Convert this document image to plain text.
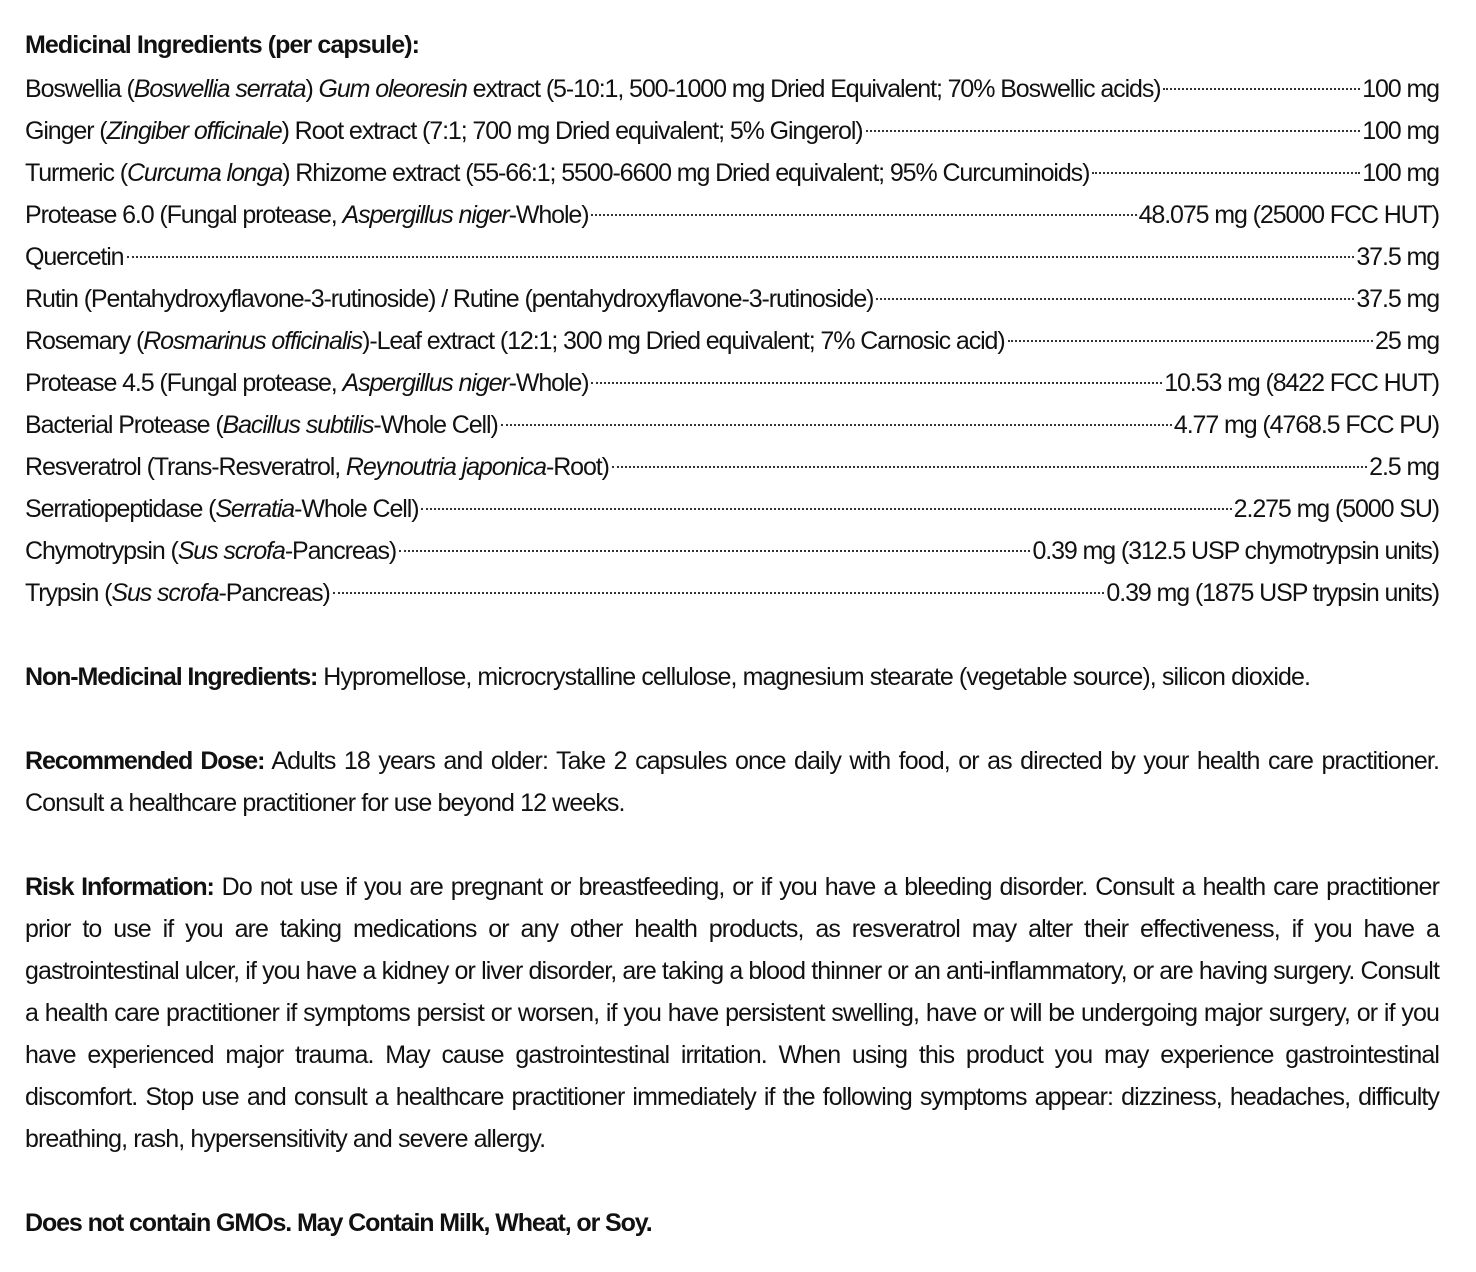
Medicinal Ingredients (per capsule):
Boswellia (Boswellia serrata) Gum oleoresin extract (5-10:1, 500-1000 mg Dried Equivalent; 70% Boswellic acids)	100 mg
Ginger (Zingiber officinale) Root extract (7:1; 700 mg Dried equivalent; 5% Gingerol)	100 mg
Turmeric (Curcuma longa) Rhizome extract (55-66:1; 5500-6600 mg Dried equivalent; 95% Curcuminoids)	100 mg
Protease 6.0 (Fungal protease, Aspergillus niger-Whole)	48.075 mg (25000 FCC HUT)
Quercetin	37.5 mg
Rutin (Pentahydroxyflavone-3-rutinoside) / Rutine (pentahydroxyflavone-3-rutinoside)	37.5 mg
Rosemary (Rosmarinus officinalis)-Leaf extract (12:1; 300 mg Dried equivalent; 7% Carnosic acid)	25 mg
Protease 4.5 (Fungal protease, Aspergillus niger-Whole)	10.53 mg (8422 FCC HUT)
Bacterial Protease (Bacillus subtilis-Whole Cell)	4.77 mg (4768.5 FCC PU)
Resveratrol (Trans-Resveratrol, Reynoutria japonica-Root)	2.5 mg
Serratiopeptidase (Serratia-Whole Cell)	2.275 mg (5000 SU)
Chymotrypsin (Sus scrofa-Pancreas)	0.39 mg (312.5 USP chymotrypsin units)
Trypsin (Sus scrofa-Pancreas)	0.39 mg (1875 USP trypsin units)

Non-Medicinal Ingredients: Hypromellose, microcrystalline cellulose, magnesium stearate (vegetable source), silicon dioxide.

Recommended Dose: Adults 18 years and older: Take 2 capsules once daily with food, or as directed by your health care practitioner. Consult a healthcare practitioner for use beyond 12 weeks.

Risk Information: Do not use if you are pregnant or breastfeeding, or if you have a bleeding disorder. Consult a health care practitioner prior to use if you are taking medications or any other health products, as resveratrol may alter their effectiveness, if you have a gastrointestinal ulcer, if you have a kidney or liver disorder, are taking a blood thinner or an anti-inflammatory, or are having surgery. Consult a health care practitioner if symptoms persist or worsen, if you have persistent swelling, have or will be undergoing major surgery, or if you have experienced major trauma. May cause gastrointestinal irritation. When using this product you may experience gastrointestinal discomfort. Stop use and consult a healthcare practitioner immediately if the following symptoms appear: dizziness, headaches, difficulty breathing, rash, hypersensitivity and severe allergy.

Does not contain GMOs. May Contain Milk, Wheat, or Soy.
